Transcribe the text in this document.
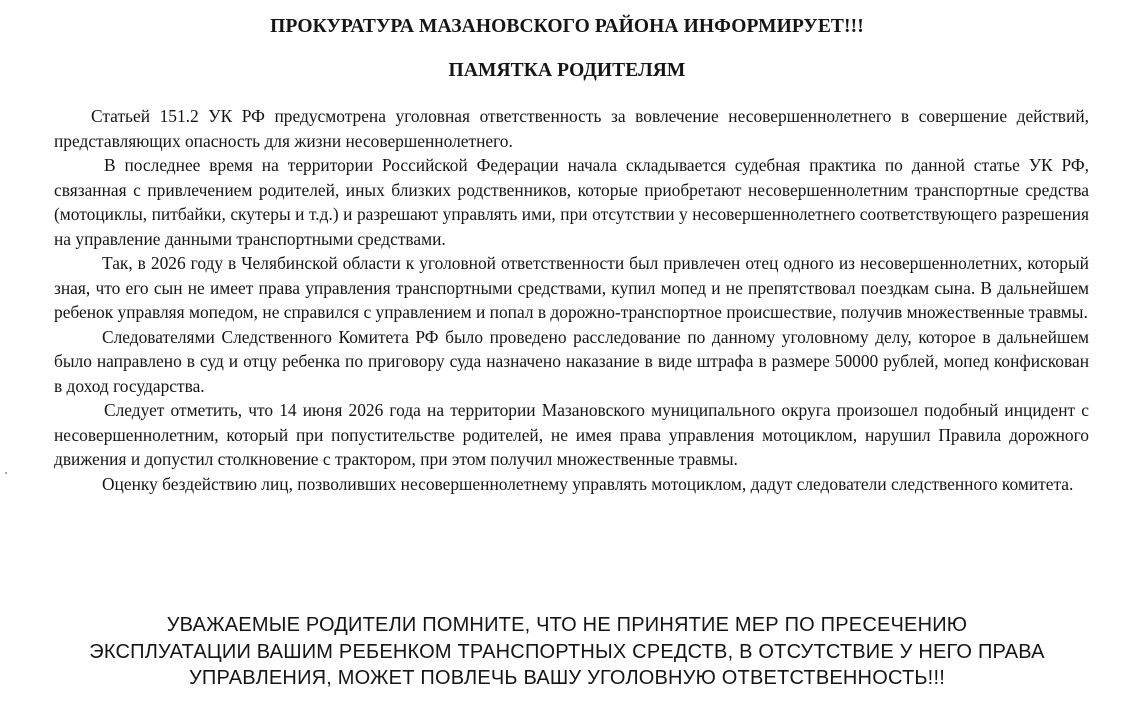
ПРОКУРАТУРА МАЗАНОВСКОГО РАЙОНА ИНФОРМИРУЕТ!!!
ПАМЯТКА РОДИТЕЛЯМ

Статьей 151.2 УК РФ предусмотрена уголовная ответственность за вовлечение несовершеннолетнего в совершение действий, представляющих опасность для жизни несовершеннолетнего.

В последнее время на территории Российской Федерации начала складывается судебная практика по данной статье УК РФ, связанная с привлечением родителей, иных близких родственников, которые приобретают несовершеннолетним транспортные средства (мотоциклы, питбайки, скутеры и т.д.) и разрешают управлять ими, при отсутствии у несовершеннолетнего соответствующего разрешения на управление данными транспортными средствами.

Так, в 2026 году в Челябинской области к уголовной ответственности был привлечен отец одного из несовершеннолетних, который зная, что его сын не имеет права управления транспортными средствами, купил мопед и не препятствовал поездкам сына. В дальнейшем ребенок управляя мопедом, не справился с управлением и попал в дорожно-транспортное происшествие, получив множественные травмы.

Следователями Следственного Комитета РФ было проведено расследование по данному уголовному делу, которое в дальнейшем было направлено в суд и отцу ребенка по приговору суда назначено наказание в виде штрафа в размере 50000 рублей, мопед конфискован в доход государства.

Следует отметить, что 14 июня 2026 года на территории Мазановского муниципального округа произошел подобный инцидент с несовершеннолетним, который при попустительстве родителей, не имея права управления мотоциклом, нарушил Правила дорожного движения и допустил столкновение с трактором, при этом получил множественные травмы.

Оценку бездействию лиц, позволивших несовершеннолетнему управлять мотоциклом, дадут следователи следственного комитета.

УВАЖАЕМЫЕ РОДИТЕЛИ ПОМНИТЕ, ЧТО НЕ ПРИНЯТИЕ МЕР ПО ПРЕСЕЧЕНИЮ
ЭКСПЛУАТАЦИИ ВАШИМ РЕБЕНКОМ ТРАНСПОРТНЫХ СРЕДСТВ, В ОТСУТСТВИЕ У НЕГО ПРАВА
УПРАВЛЕНИЯ, МОЖЕТ ПОВЛЕЧЬ ВАШУ УГОЛОВНУЮ ОТВЕТСТВЕННОСТЬ!!!
